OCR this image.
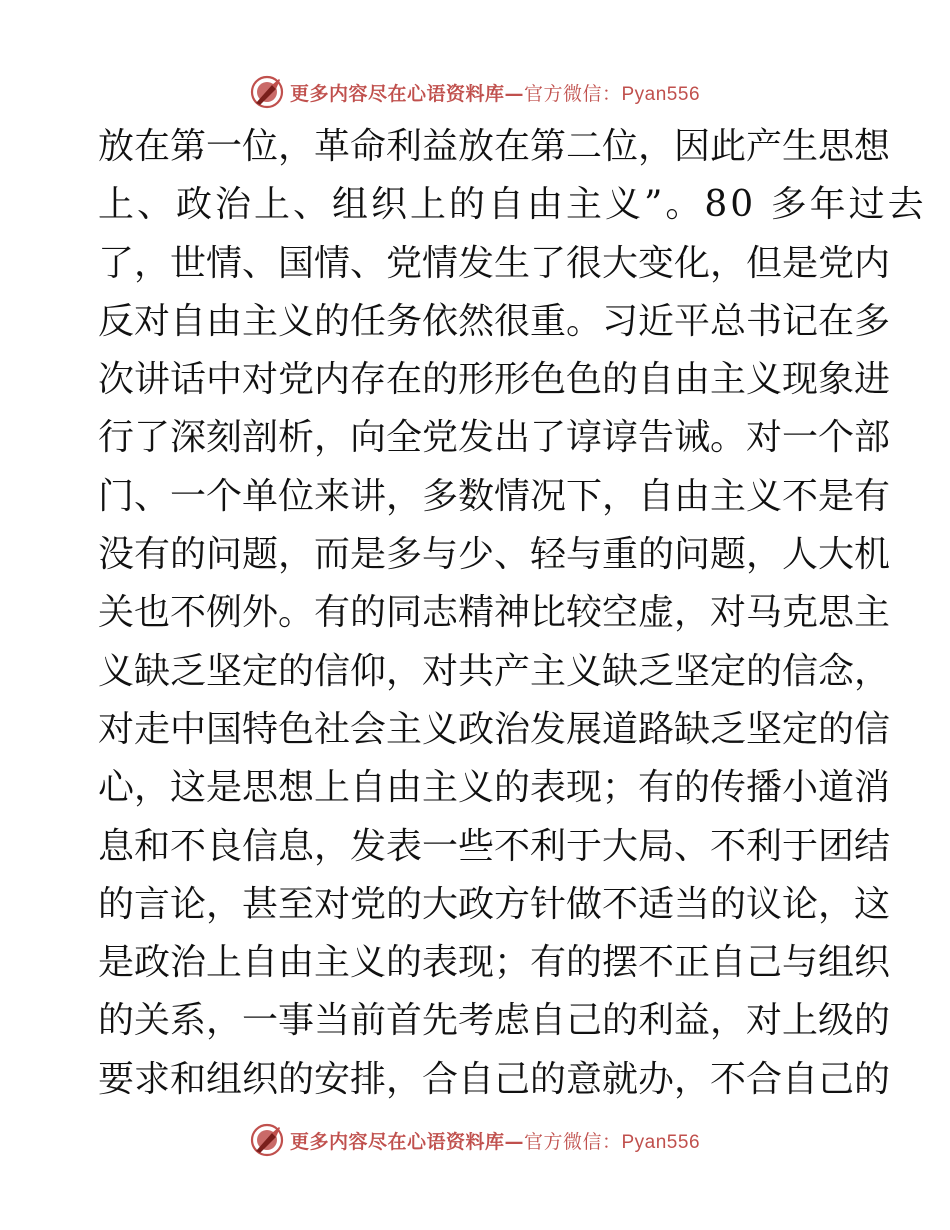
更多内容尽在心语资料库—官方微信：Pyan556
放在第一位，革命利益放在第二位，因此产生思想
上、政治上、组织上的自由主义”。80 多年过去
了，世情、国情、党情发生了很大变化，但是党内
反对自由主义的任务依然很重。习近平总书记在多
次讲话中对党内存在的形形色色的自由主义现象进
行了深刻剖析，向全党发出了谆谆告诫。对一个部
门、一个单位来讲，多数情况下，自由主义不是有
没有的问题，而是多与少、轻与重的问题，人大机
关也不例外。有的同志精神比较空虚，对马克思主
义缺乏坚定的信仰，对共产主义缺乏坚定的信念，
对走中国特色社会主义政治发展道路缺乏坚定的信
心，这是思想上自由主义的表现；有的传播小道消
息和不良信息，发表一些不利于大局、不利于团结
的言论，甚至对党的大政方针做不适当的议论，这
是政治上自由主义的表现；有的摆不正自己与组织
的关系，一事当前首先考虑自己的利益，对上级的
要求和组织的安排，合自己的意就办，不合自己的
更多内容尽在心语资料库—官方微信：Pyan556
